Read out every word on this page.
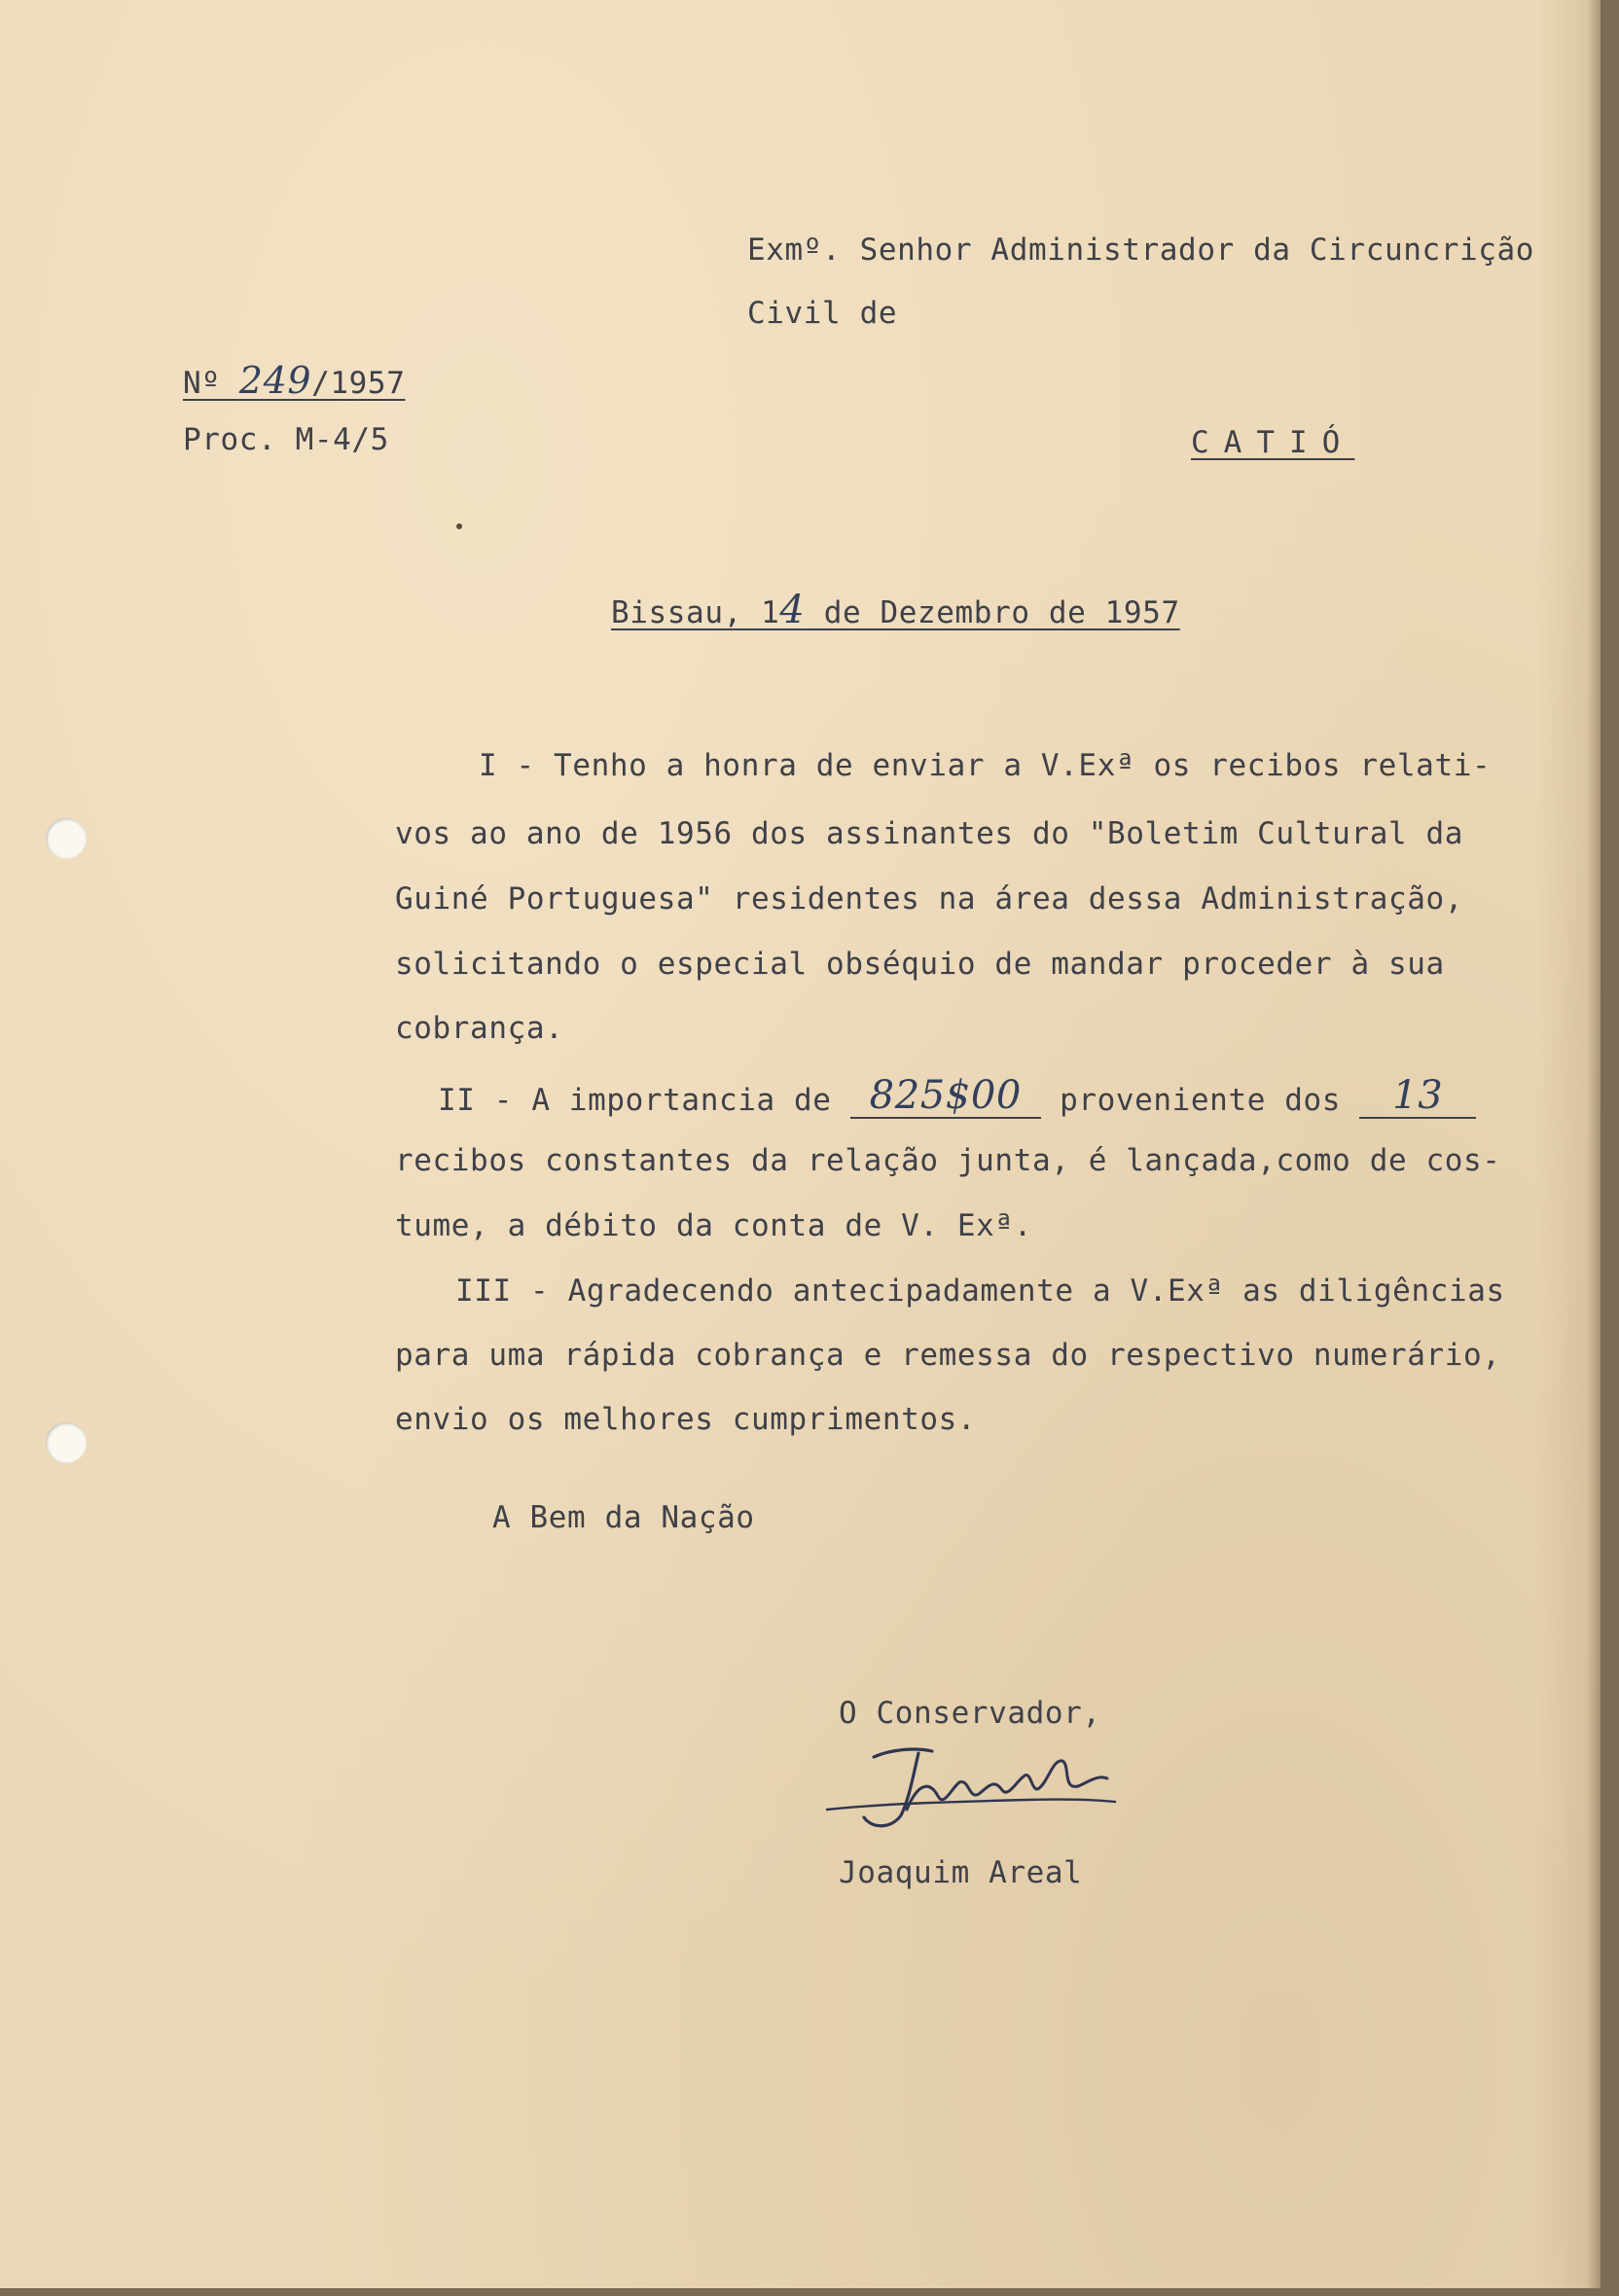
Exmº. Senhor Administrador da Circuncrição
Civil de
CATIÓ
Nº 249/1957
Proc. M-4/5
Bissau, 14 de Dezembro de 1957
I - Tenho a honra de enviar a V.Exª os recibos relati-
vos ao ano de 1956 dos assinantes do "Boletim Cultural da
Guiné Portuguesa" residentes na área dessa Administração,
solicitando o especial obséquio de mandar proceder à sua
cobrança.
II - A importancia de 825$00 proveniente dos 13
recibos constantes da relação junta, é lançada,como de cos-
tume, a débito da conta de V. Exª.
III - Agradecendo antecipadamente a V.Exª as diligências
para uma rápida cobrança e remessa do respectivo numerário,
envio os melhores cumprimentos.
A Bem da Nação
O Conservador,
Joaquim Areal
